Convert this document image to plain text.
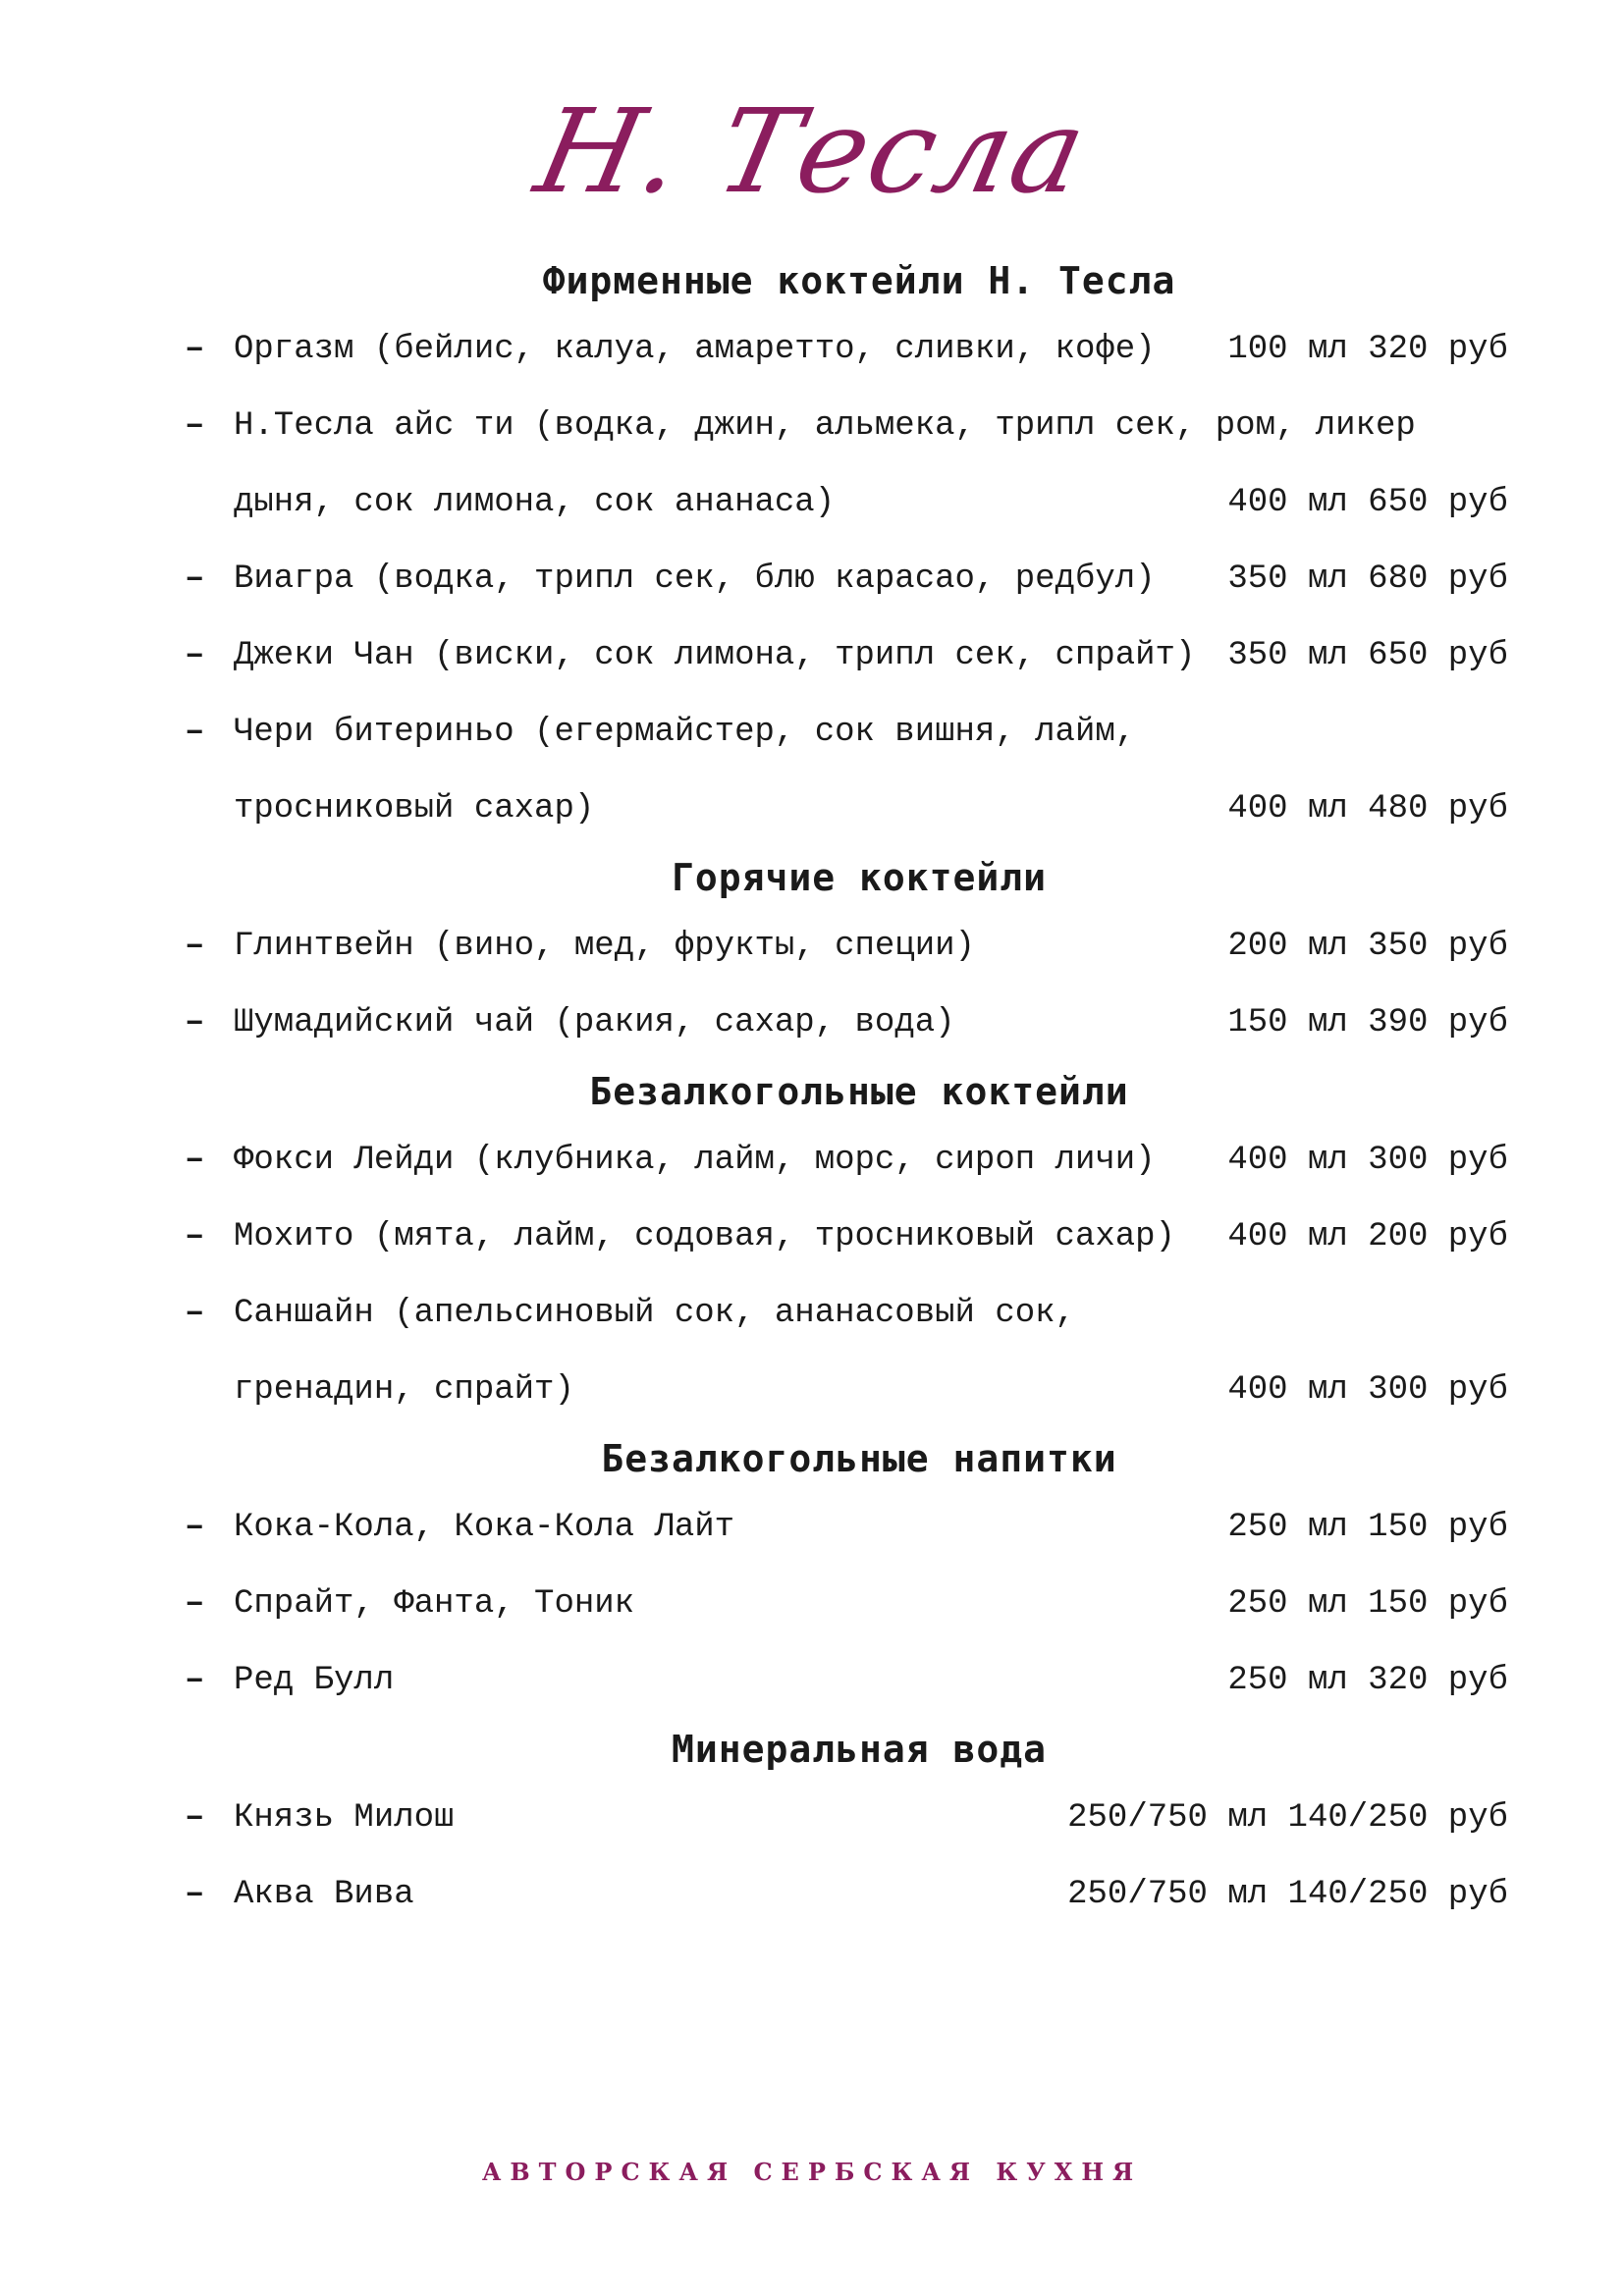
Н. Тесла
Фирменные коктейли Н. Тесла
– Оргазм (бейлис, калуа, амаретто, сливки, кофе) 100 мл 320 руб
– Н.Тесла айс ти (водка, джин, альмека, трипл сек, ром, ликер
дыня, сок лимона, сок ананаса)	400 мл 650 руб
– Виагра (водка, трипл сек, блю карасао, редбул) 350 мл 680 руб
– Джеки Чан (виски, сок лимона, трипл сек, спрайт) 350 мл 650 руб
– Чери битериньо (егермайстер, сок вишня, лайм,
тросниковый сахар)	400 мл 480 руб
Горячие коктейли
– Глинтвейн (вино, мед, фрукты, специи)	200 мл 350 руб
– Шумадийский чай (ракия, сахар, вода)	150 мл 390 руб
Безалкогольные коктейли
– Фокси Лейди (клубника, лайм, морс, сироп личи) 400 мл 300 руб
– Мохито (мята, лайм, содовая, тросниковый сахар) 400 мл 200 руб
– Саншайн (апельсиновый сок, ананасовый сок,
гренадин, спрайт)	400 мл 300 руб
Безалкогольные напитки
– Кока-Кола, Кока-Кола Лайт	250 мл 150 руб
– Спрайт, Фанта, Тоник	250 мл 150 руб
– Ред Булл	250 мл 320 руб
Минеральная вода
– Князь Милош	250/750 мл 140/250 руб
– Аква Вива	250/750 мл 140/250 руб
АВТОРСКАЯ СЕРБСКАЯ КУХНЯ
